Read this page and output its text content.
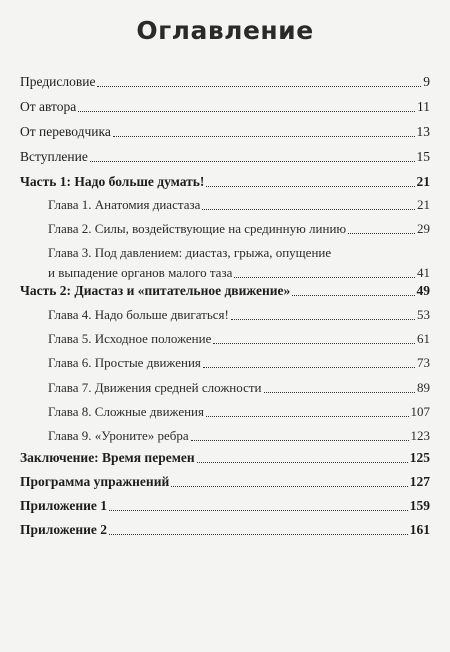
Оглавление
Предисловие	9
От автора	11
От переводчика	13
Вступление	15
Часть 1: Надо больше думать!	21
Глава 1. Анатомия диастаза	21
Глава 2. Силы, воздействующие на срединную линию	29
Глава 3. Под давлением: диастаз, грыжа, опущение
и выпадение органов малого таза	41
Часть 2: Диастаз и «питательное движение»	49
Глава 4. Надо больше двигаться!	53
Глава 5. Исходное положение	61
Глава 6. Простые движения	73
Глава 7. Движения средней сложности	89
Глава 8. Сложные движения	107
Глава 9. «Уроните» ребра	123
Заключение: Время перемен	125
Программа упражнений	127
Приложение 1	159
Приложение 2	161
